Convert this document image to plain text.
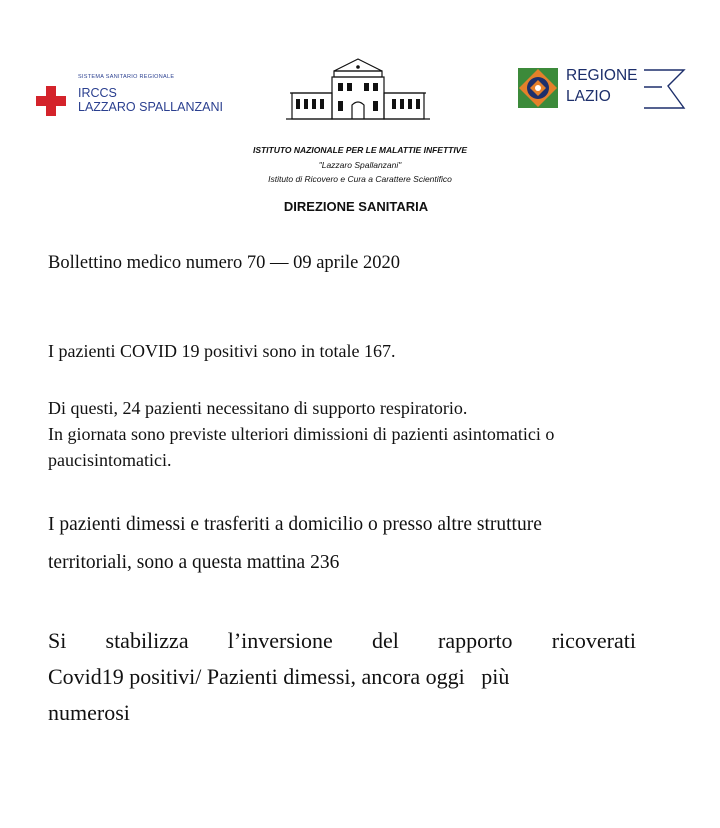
SISTEMA SANITARIO REGIONALE
IRCCS
LAZZARO SPALLANZANI
REGIONE
LAZIO
ISTITUTO NAZIONALE PER LE MALATTIE INFETTIVE
"Lazzaro Spallanzani"
Istituto di Ricovero e Cura a Carattere Scientifico
DIREZIONE SANITARIA
Bollettino medico numero 70 — 09 aprile 2020
I pazienti COVID 19 positivi sono in totale 167.
Di questi, 24 pazienti necessitano di supporto respiratorio.
In giornata sono previste ulteriori dimissioni di pazienti asintomatici o
paucisintomatici.
I pazienti dimessi e trasferiti a domicilio o presso altre strutture
territoriali, sono a questa mattina 236
Si stabilizza l’inversione del rapporto ricoverati
Covid19 positivi/ Pazienti dimessi, ancora oggi   più
numerosi
